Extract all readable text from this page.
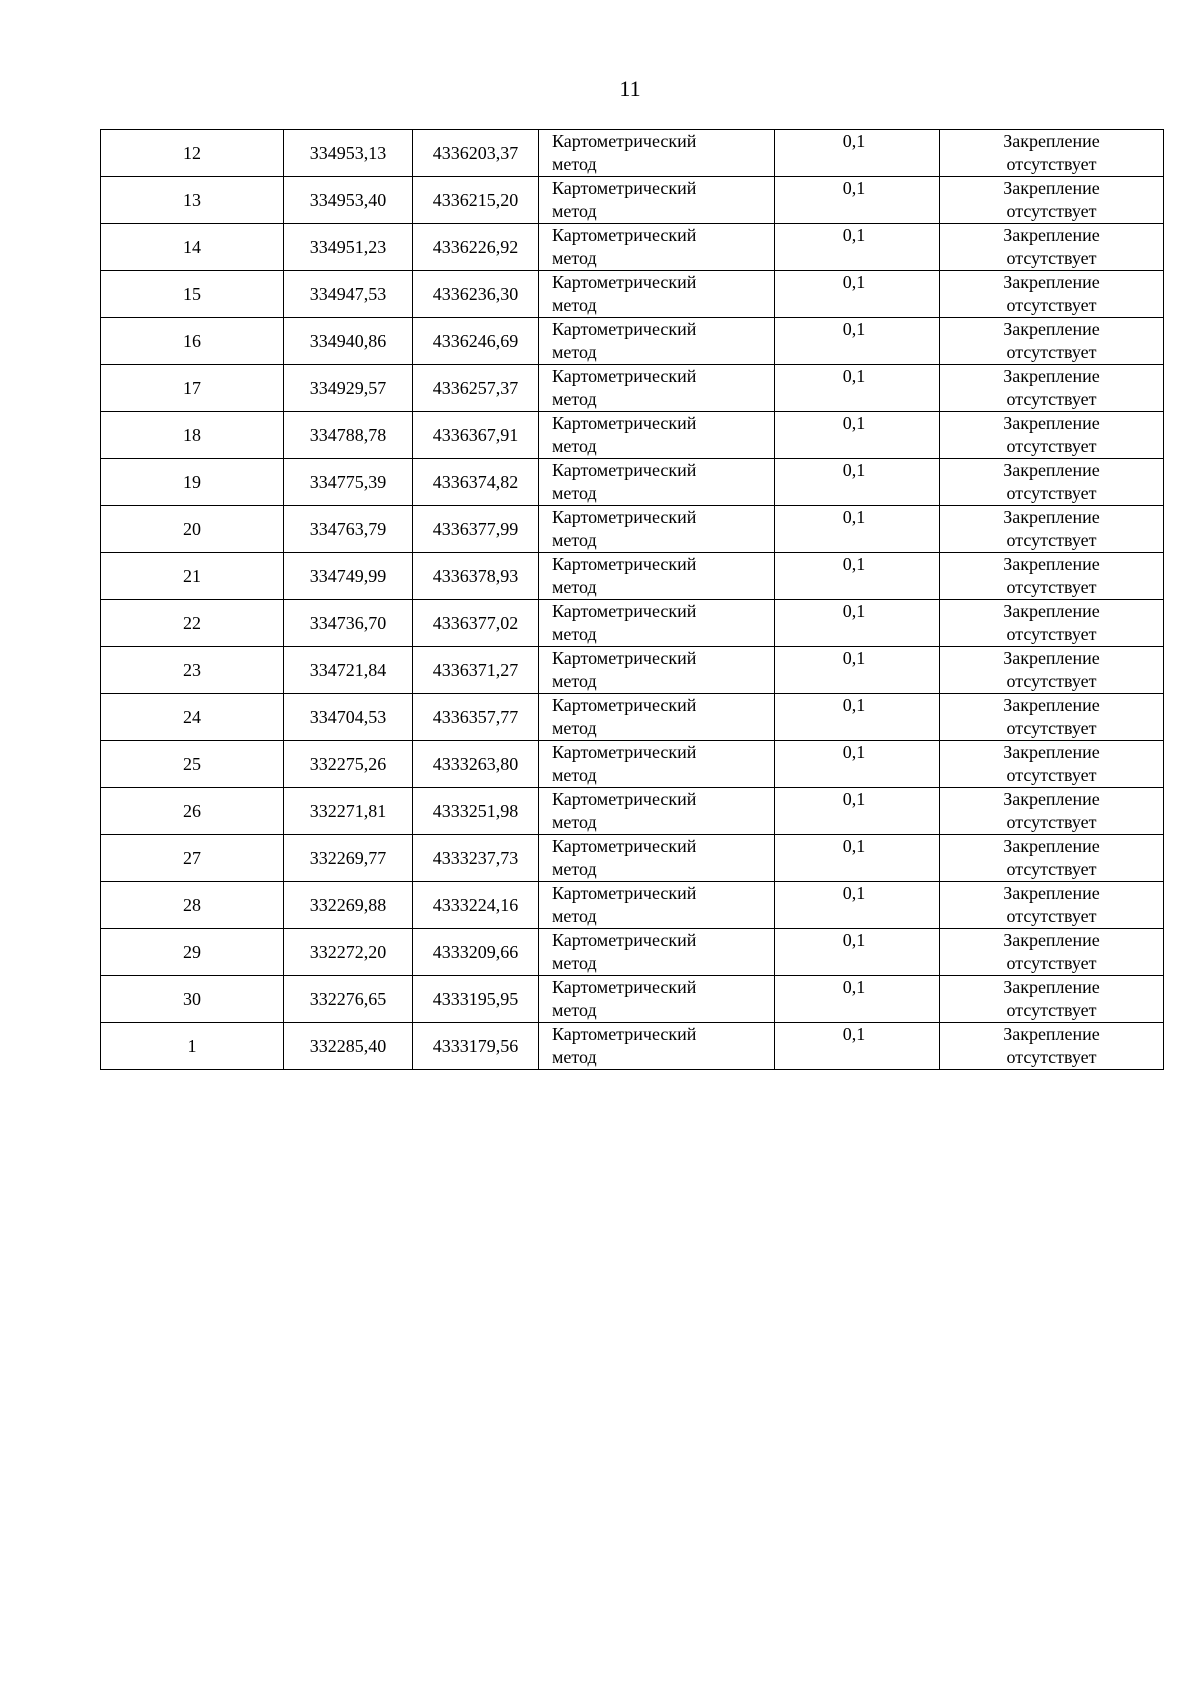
11
12	334953,13	4336203,37	Картометрический
метод	0,1	Закрепление
отсутствует

13	334953,40	4336215,20	Картометрический
метод	0,1	Закрепление
отсутствует

14	334951,23	4336226,92	Картометрический
метод	0,1	Закрепление
отсутствует

15	334947,53	4336236,30	Картометрический
метод	0,1	Закрепление
отсутствует

16	334940,86	4336246,69	Картометрический
метод	0,1	Закрепление
отсутствует

17	334929,57	4336257,37	Картометрический
метод	0,1	Закрепление
отсутствует

18	334788,78	4336367,91	Картометрический
метод	0,1	Закрепление
отсутствует

19	334775,39	4336374,82	Картометрический
метод	0,1	Закрепление
отсутствует

20	334763,79	4336377,99	Картометрический
метод	0,1	Закрепление
отсутствует

21	334749,99	4336378,93	Картометрический
метод	0,1	Закрепление
отсутствует

22	334736,70	4336377,02	Картометрический
метод	0,1	Закрепление
отсутствует

23	334721,84	4336371,27	Картометрический
метод	0,1	Закрепление
отсутствует

24	334704,53	4336357,77	Картометрический
метод	0,1	Закрепление
отсутствует

25	332275,26	4333263,80	Картометрический
метод	0,1	Закрепление
отсутствует

26	332271,81	4333251,98	Картометрический
метод	0,1	Закрепление
отсутствует

27	332269,77	4333237,73	Картометрический
метод	0,1	Закрепление
отсутствует

28	332269,88	4333224,16	Картометрический
метод	0,1	Закрепление
отсутствует

29	332272,20	4333209,66	Картометрический
метод	0,1	Закрепление
отсутствует

30	332276,65	4333195,95	Картометрический
метод	0,1	Закрепление
отсутствует

1	332285,40	4333179,56	Картометрический
метод	0,1	Закрепление
отсутствует
